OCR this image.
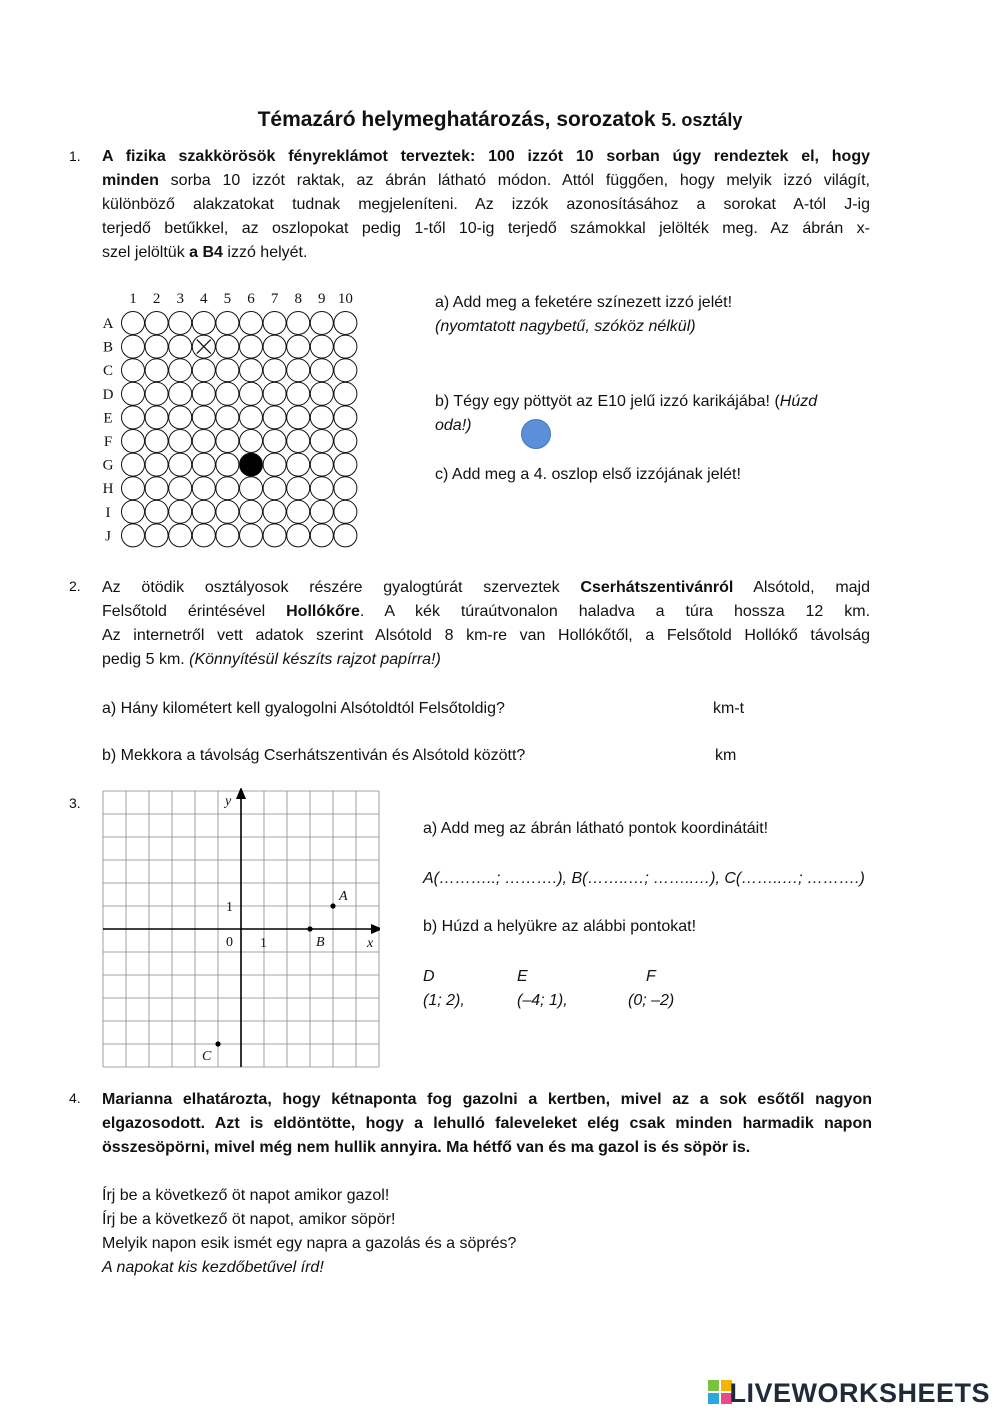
Témazáró helymeghatározás, sorozatok 5. osztály
1. A fizika szakkörösök fényreklámot terveztek: 100 izzót 10 sorban úgy rendeztek el, hogy
minden sorba 10 izzót raktak, az ábrán látható módon. Attól függően, hogy melyik izzó világít,
különböző alakzatokat tudnak megjeleníteni. Az izzók azonosításához a sorokat A-tól J-ig
terjedő betűkkel, az oszlopokat pedig 1-től 10-ig terjedő számokkal jelölték meg. Az ábrán x-
szel jelöltük a B4 izzó helyét.
1 2 3 4 5 6 7 8 9 10
A
B
C
D
E
F
G
H
I
J
a) Add meg a feketére színezett izzó jelét!
(nyomtatott nagybetű, szóköz nélkül)
b) Tégy egy pöttyöt az E10 jelű izzó karikájába! (Húzd
oda!)
c) Add meg a 4. oszlop első izzójának jelét!
2. Az ötödik osztályosok részére gyalogtúrát szerveztek Cserhátszentivánról Alsótold, majd
Felsőtold érintésével Hollókőre. A kék túraútvonalon haladva a túra hossza 12 km.
Az internetről vett adatok szerint Alsótold 8 km-re van Hollókőtől, a Felsőtold Hollókő távolság
pedig 5 km. (Könnyítésül készíts rajzot papírra!)
a) Hány kilométert kell gyalogolni Alsótoldtól Felsőtoldig?	km-t
b) Mekkora a távolság Cserhátszentiván és Alsótold között?	km
3.	y
x
1
0 1
A
B
C
a) Add meg az ábrán látható pontok koordinátáit!
A(………..; ……….), B(……..…; ……..…), C(……..…; ……….)
b) Húzd a helyükre az alábbi pontokat!
D	E	F
(1; 2),	(–4; 1),	(0; –2)
4. Marianna elhatározta, hogy kétnaponta fog gazolni a kertben, mivel az a sok esőtől nagyon
elgazosodott. Azt is eldöntötte, hogy a lehulló faleveleket elég csak minden harmadik napon
összesöpörni, mivel még nem hullik annyira. Ma hétfő van és ma gazol is és söpör is.
Írj be a következő öt napot amikor gazol!
Írj be a következő öt napot, amikor söpör!
Melyik napon esik ismét egy napra a gazolás és a söprés?
A napokat kis kezdőbetűvel írd!
LIVEWORKSHEETS
